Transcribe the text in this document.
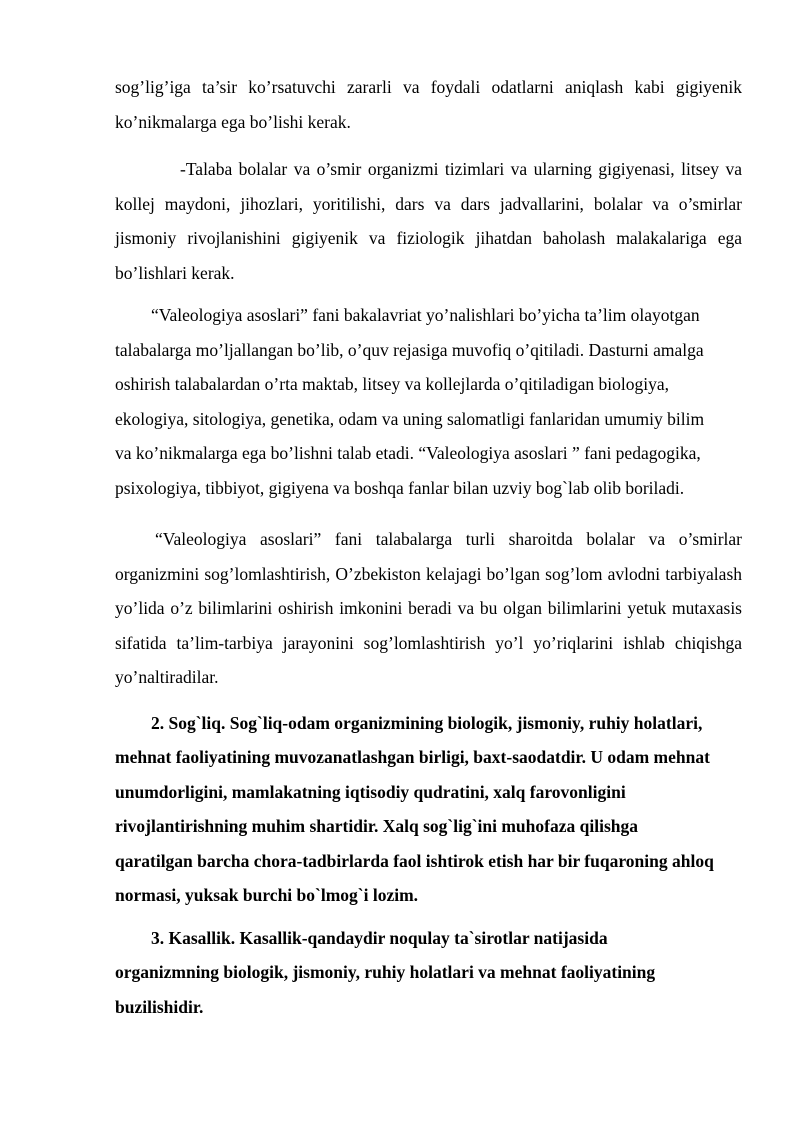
sog’lig’iga ta’sir ko’rsatuvchi zararli va foydali odatlarni aniqlash kabi gigiyenik ko’nikmalarga ega bo’lishi kerak.

-Talaba bolalar va o’smir organizmi tizimlari va ularning gigiyenasi, litsey va kollej maydoni, jihozlari, yoritilishi, dars va dars jadvallarini, bolalar va o’smirlar jismoniy rivojlanishini gigiyenik va fiziologik jihatdan baholash malakalariga ega bo’lishlari kerak.

“Valeologiya asoslari” fani bakalavriat yo’nalishlari bo’yicha ta’lim olayotgan talabalarga mo’ljallangan bo’lib, o’quv rejasiga muvofiq o’qitiladi. Dasturni amalga oshirish talabalardan o’rta maktab, litsey va kollejlarda o’qitiladigan biologiya, ekologiya, sitologiya, genetika, odam va uning salomatligi fanlaridan umumiy bilim va ko’nikmalarga ega bo’lishni talab etadi. “Valeologiya asoslari ” fani pedagogika, psixologiya, tibbiyot, gigiyena va boshqa fanlar bilan uzviy bog`lab olib boriladi.

“Valeologiya asoslari” fani talabalarga turli sharoitda bolalar va o’smirlar organizmini sog’lomlashtirish, O’zbekiston kelajagi bo’lgan sog’lom avlodni tarbiyalash yo’lida o’z bilimlarini oshirish imkonini beradi va bu olgan bilimlarini yetuk mutaxasis sifatida ta’lim-tarbiya jarayonini sog’lomlashtirish yo’l yo’riqlarini ishlab chiqishga yo’naltiradilar.

2. Sog`liq. Sog`liq-odam organizmining biologik, jismoniy, ruhiy holatlari, mehnat faoliyatining muvozanatlashgan birligi, baxt-saodatdir. U odam mehnat unumdorligini, mamlakatning iqtisodiy qudratini, xalq farovonligini rivojlantirishning muhim shartidir. Xalq sog`lig`ini muhofaza qilishga qaratilgan barcha chora-tadbirlarda faol ishtirok etish har bir fuqaroning ahloq normasi, yuksak burchi bo`lmog`i lozim.

3. Kasallik. Kasallik-qandaydir noqulay ta`sirotlar natijasida organizmning biologik, jismoniy, ruhiy holatlari va mehnat faoliyatining buzilishidir.
